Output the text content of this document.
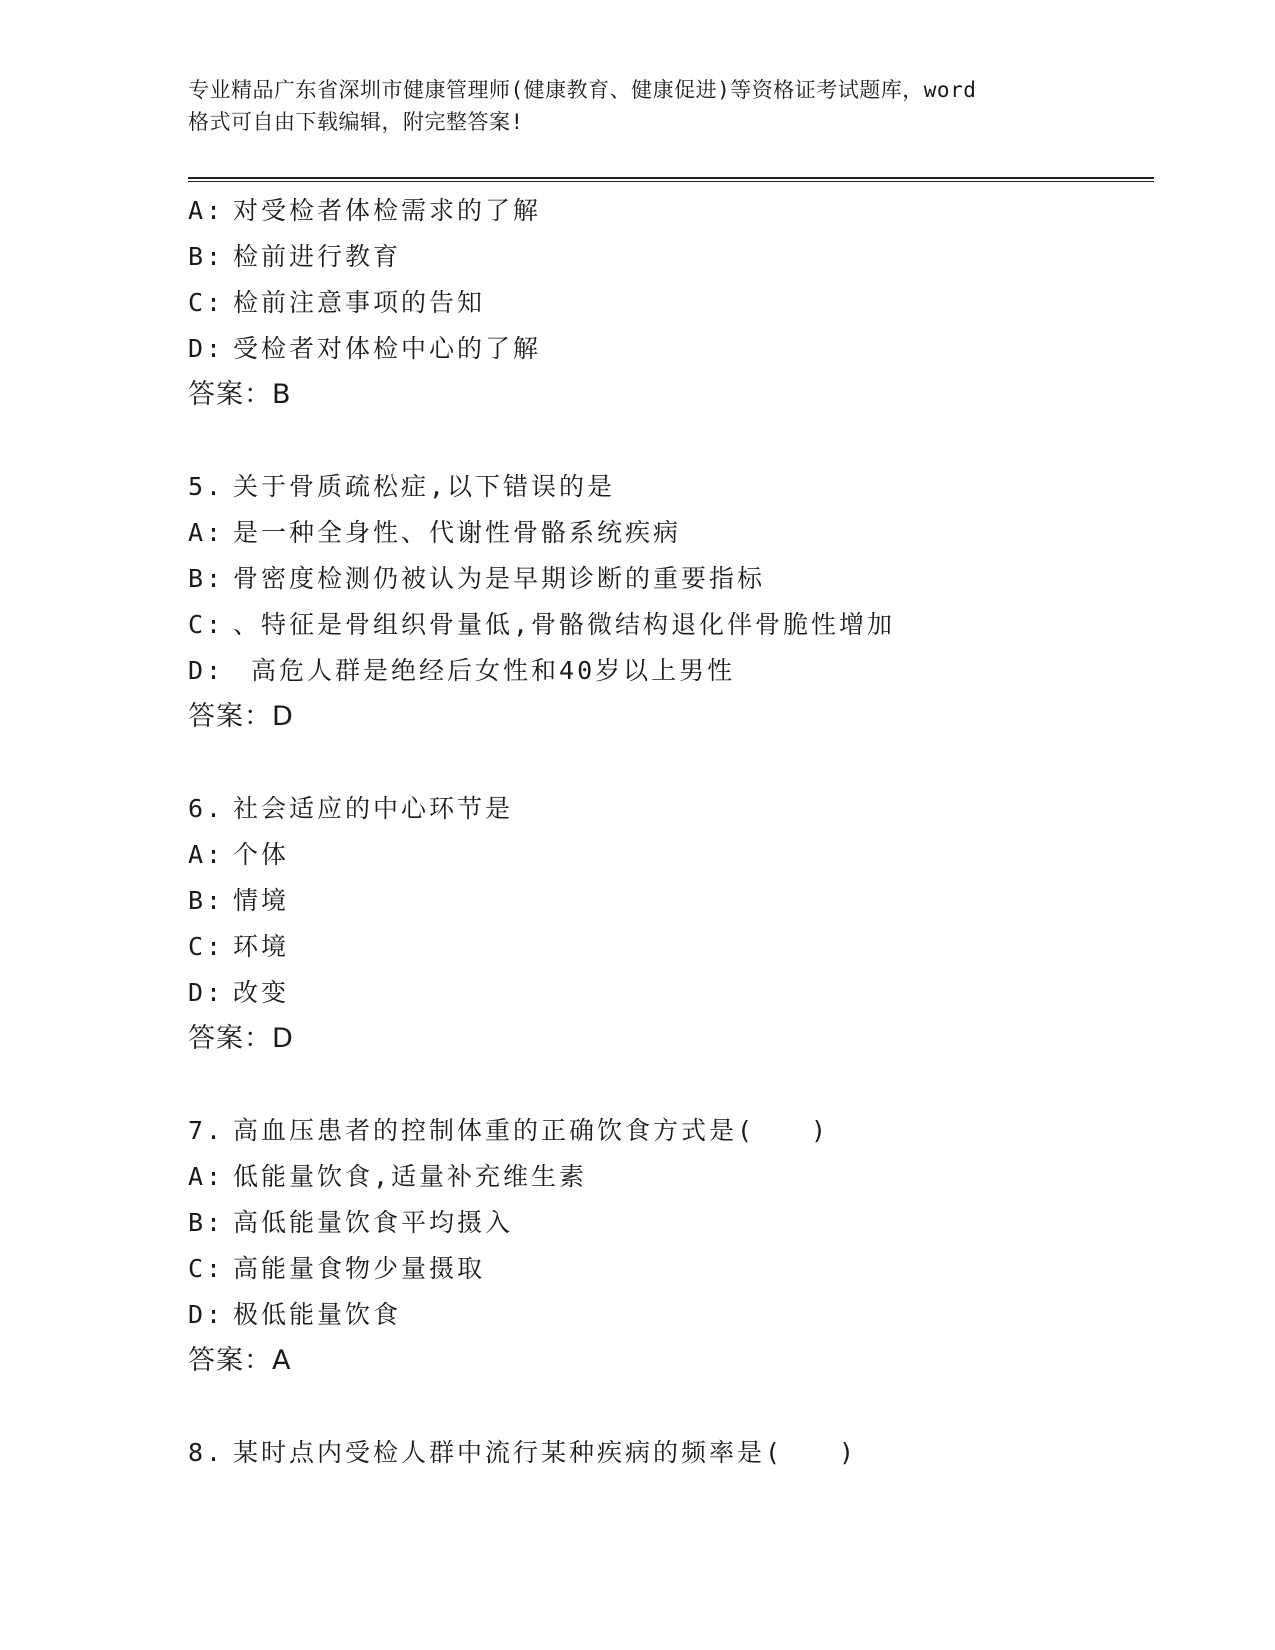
专业精品广东省深圳市健康管理师(健康教育、健康促进)等资格证考试题库，word

格式可自由下载编辑，附完整答案!

A: 对受检者体检需求的了解
B: 检前进行教育
C: 检前注意事项的告知
D: 受检者对体检中心的了解
答案：B
5. 关于骨质疏松症,以下错误的是
A: 是一种全身性、代谢性骨骼系统疾病
B: 骨密度检测仍被认为是早期诊断的重要指标
C: 、特征是骨组织骨量低,骨骼微结构退化伴骨脆性增加
D: 高危人群是绝经后女性和40岁以上男性
答案：D
6. 社会适应的中心环节是
A: 个体
B: 情境
C: 环境
D: 改变
答案：D
7. 高血压患者的控制体重的正确饮食方式是(　　)
A: 低能量饮食,适量补充维生素
B: 高低能量饮食平均摄入
C: 高能量食物少量摄取
D: 极低能量饮食
答案：A
8. 某时点内受检人群中流行某种疾病的频率是(　　)
